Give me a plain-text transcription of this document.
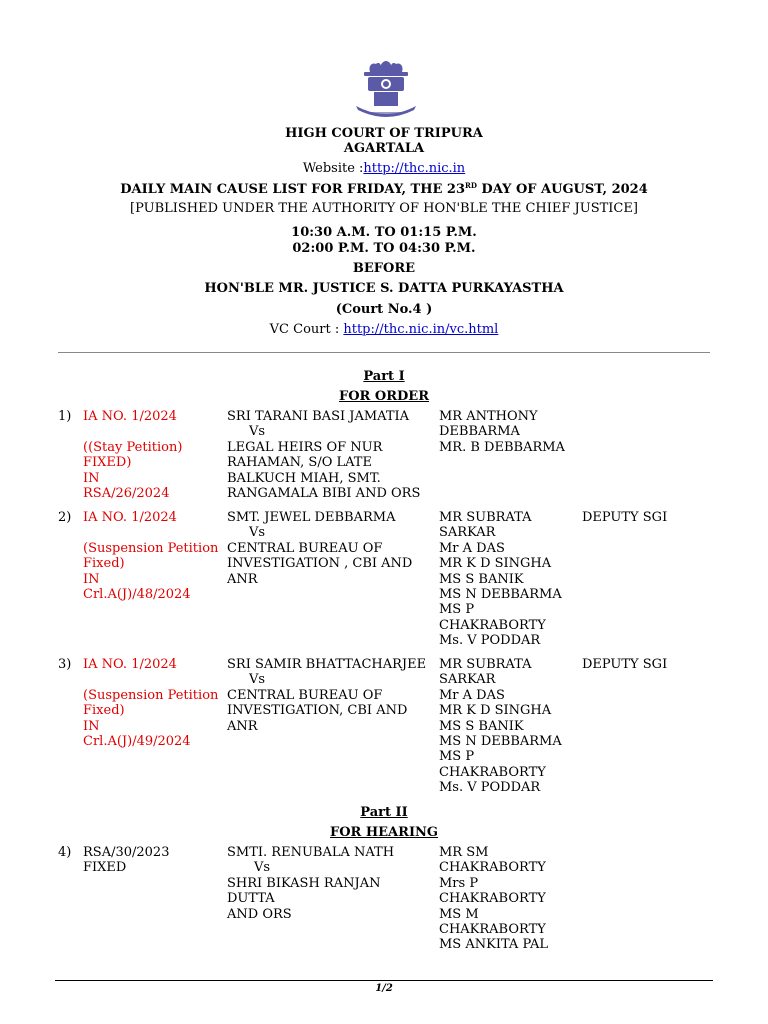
HIGH COURT OF TRIPURA
AGARTALA
Website :http://thc.nic.in
DAILY MAIN CAUSE LIST FOR FRIDAY, THE 23RD DAY OF AUGUST, 2024
[PUBLISHED UNDER THE AUTHORITY OF HON'BLE THE CHIEF JUSTICE]
10:30 A.M. TO 01:15 P.M.
02:00 P.M. TO 04:30 P.M.
BEFORE
HON'BLE MR. JUSTICE S. DATTA PURKAYASTHA
(Court No.4 )
VC Court : http://thc.nic.in/vc.html
Part I
FOR ORDER
1) IA NO. 1/2024
((Stay Petition)
FIXED)
IN
RSA/26/2024
SRI TARANI BASI JAMATIA
Vs
LEGAL HEIRS OF NUR
RAHAMAN, S/O LATE
BALKUCH MIAH, SMT.
RANGAMALA BIBI AND ORS
MR ANTHONY
DEBBARMA
MR. B DEBBARMA
2) IA NO. 1/2024
(Suspension Petition
Fixed)
IN
Crl.A(J)/48/2024
SMT. JEWEL DEBBARMA
Vs
CENTRAL BUREAU OF
INVESTIGATION , CBI AND
ANR
MR SUBRATA
SARKAR
Mr A DAS
MR K D SINGHA
MS S BANIK
MS N DEBBARMA
MS P
CHAKRABORTY
Ms. V PODDAR
DEPUTY SGI
3) IA NO. 1/2024
(Suspension Petition
Fixed)
IN
Crl.A(J)/49/2024
SRI SAMIR BHATTACHARJEE
Vs
CENTRAL BUREAU OF
INVESTIGATION, CBI AND
ANR
MR SUBRATA
SARKAR
Mr A DAS
MR K D SINGHA
MS S BANIK
MS N DEBBARMA
MS P
CHAKRABORTY
Ms. V PODDAR
DEPUTY SGI
Part II
FOR HEARING
4) RSA/30/2023
FIXED
SMTI. RENUBALA NATH
Vs
SHRI BIKASH RANJAN DUTTA
AND ORS
MR SM
CHAKRABORTY
Mrs P
CHAKRABORTY
MS M
CHAKRABORTY
MS ANKITA PAL
1/2
